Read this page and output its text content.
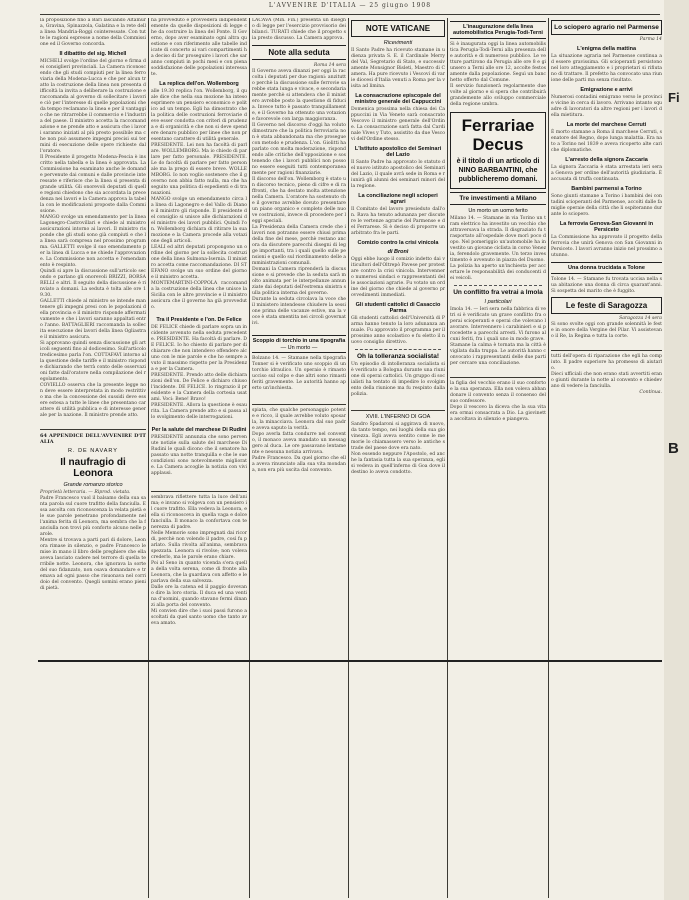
L'AVVENIRE D'ITALIA — 25 giugno 1908

la proposizione fino a Bari lasciando Altamura, Gravina, Spinazzola, Galatina e la rete della linea Mandria-Roggi cointeressate. Con tutte le ragioni espresse a nome della Commissione ed il Governo concorda.

Il dibattito del sig. Michell

MICHELI svolge l'ordine del giorno e firma dei consiglieri provinciali. La Camera riconoscendo che gli studi compiuti per la linea ferroviaria della Modena-Lucca e che per alcun tratto la costruzione della linea non presenta difficoltà la invita a deliberare la costruzione e raccomanda al governo di sollecitare i lavori e ciò per l'interesse di quelle popolazioni che da tempo reclamano la linea e per il vantaggio che ne ritrarrebbe il commercio e l'industria del paese. Il ministro accetta la raccomandazione e ne prende atto e assicura che i lavori saranno iniziati al più presto possibile ma che non può assumere impegni precisi sui termini di esecuzione delle opere richieste dall'oratore.

Il Presidente il progetto Modena-Pescia è inscritto nella tabella e la linea è approvata. La Commissione ha esaminato anche le domande pervenute dai comuni e dalle provincie interessate e riferisce che la linea si presenta di grande utilità. Gli onorevoli deputati di quelle regioni chiedono che sia accordata la precedenza nei lavori e la Camera approva la tabella con le modificazioni proposte dalla Commissione.

MANGO svolge un emendamento per la linea Lagonegro-Castrovillari e chiede al ministro assicurazioni intorno ai lavori. Il ministro risponde che gli studi sono già compiuti e che la linea sarà compresa nel prossimo programma. GALLETTI svolge il suo emendamento per la linea di Lucca e ne chiede l'approvazione. La Commissione non accetta e l'emendamento è respinto.

Quindi si apre la discussione sull'articolo secondo e parlano gli onorevoli BRIZZI, BORSARELLI e altri. Il seguito della discussione è rinviato a domani. La seduta è tolta alle ore 19.30.

GALLETTI chiede al ministro se intende mantenere gli impegni presi con le popolazioni della provincia e il ministro risponde affermativamente e che i lavori saranno appaltati entro l'anno. BATTAGLIERI raccomanda la sollecita esecuzione dei lavori della linea Ogliastra e il ministro assicura.

Si approvano quindi senza discussione gli articoli seguenti fino al dodicesimo. Sull'articolo tredicesimo parla l'on. COTTAFAVI intorno alla questione delle tariffe e il ministro risponde dichiarando che terrà conto delle osservazioni fatte dall'oratore nella compilazione del regolamento.

COVIELLO osserva che la presente legge non deve essere interpretata in modo restrittivo ma che la concessione dei sussidi deve essere estesa a tutte le linee che presentano carattere di utilità pubblica e di interesse generale per la nazione. Il ministro prende atto.

64 APPENDICE DELL'AVVENIRE D'ITALIA

R. DE NAVARY
Il naufragio di Leonora
Grande romanzo storico

Proprietà letteraria. — Riprod. vietata.

Padre Francesco vuol il balsamo della sua santa parola sul cuore trafitto della fanciulla. Essa ascolta con riconoscenza la velata pietà e le sue parole penetrano profondamente nell'anima ferita di Leonora, ma sembra che la fanciulla non trovi più conforto alcuno nelle parole.

Mentre si trovava a parti pari di dolore, Leonora rimase in silenzio, e padre Francesco le mise in mano il libro delle preghiere che ella aveva lasciato cadere nel terrore di quella terribile notte. Leonora, che ignorava la sorte del suo fidanzato, non osava domandare e tremava ad ogni passo che risuonava nel corridoio del convento. Quegli uomini erano pieni di pietà.

ha provveduto e provvederà indipendentemente da quelle disposizioni di legge che da costruire la linea del Ponte. Il Governo, dopo aver esaminato ogni altra questione e con riferimento alle tabelle indicate di concerto ai vari compartimenti ha deciso di far proseguire i lavori che saranno compiuti in pochi mesi e con piena soddisfazione delle popolazioni interessate.

La replica dell'on. Wollemborg

alle 19.30 replica l'on. Wollemborg, il quale dice che nella sua mozione ha inteso esprimere un pensiero economico e politico ad un tempo. Egli ha dimostrato che la politica delle costruzioni ferroviarie deve esser condotta con criteri di prudenza e di organicità e che non si deve spendere denaro pubblico per linee che non presentano carattere di utilità generale.

PRESIDENTE. Lei non ha facoltà di parlare. WOLLEMBORG. Ma io chiedo di parlare per fatto personale. PRESIDENTE. Le do facoltà di parlare per fatto personale ma la prego di essere breve. WOLLEMBORG. Io non voglio sostenere che il governo non abbia fatto nulla, ma che ha seguito una politica di espedienti e di transazioni.

MANGO svolge un emendamento circa la linea di Lagonegro e del Vallo di Diano e il ministro gli risponde. Il presidente del consiglio si unisce alle dichiarazioni del ministro dei lavori pubblici. Quindi l'on. Wollemborg dichiara di ritirare la sua mozione e la Camera procede alla votazione degli articoli.

LEALI ed altri deputati propongono un ordine del giorno per la sollecita costruzione della linea Sulmona-Isernia. Il ministro accetta come raccomandazione. DI STEFANO svolge un suo ordine del giorno e il ministro accetta.

MONTEMARTINI-COPPOLA raccomanda la costruzione della linea che unisce la Sicilia con le altre provincie e il ministro assicura che il governo ha già provveduto.

Tra il Presidente e l'on. De Felice

DE FELICE chiede di parlare sopra un incidente avvenuto nella seduta precedente. PRESIDENTE. Ha facoltà di parlare. DE FELICE. Io ho chiesto di parlare per dichiarare che non intendevo offendere alcuno con le mie parole e che ho sempre avuto il massimo rispetto per la Presidenza e per la Camera.

PRESIDENTE. Prendo atto delle dichiarazioni dell'on. De Felice e dichiaro chiuso l'incidente. DE FELICE. Io ringrazio il presidente e la Camera della cortesia usatami. Voci: Bene! Bravo!

PRESIDENTE. Allora la questione è esaurita. La Camera prende atto e si passa allo svolgimento delle interrogazioni.

Per la salute del marchese Di Rudinì

PRESIDENTE annunzia che sono pervenute notizie sulla salute del marchese Di Rudinì le quali dicono che il senatore ha passato una notte tranquilla e che le sue condizioni sono notevolmente migliorate. La Camera accoglie la notizia con vivi applausi.

sembrava riflettere tutta la luce dell'anima; e invano si volgeva con un pensiero il cuore trafitto. Ella vedeva la Leonora, e ella si riconosceva in quella vaga e dolce fanciulla. Il monaco la confortava con tenerezza di padre.

Nelle Memorie sono impregnati dai ricordi, perchè non volendo il padre, così fu parlato. Sulla rivolta all'anima, sembrava spezzata. Leonora si rivolse; non voleva crederlo, ma le parole erano chiare.

Poi al Seno in quanto vicenda s'era quella della volta serena, come di fronte alla Leonora, che la guardava con affetto e le parlava della sua salvezza.

Dalle ore la catena ed il paggio dovevano dire la loro storia. Il duca ed una ventina d'uomini, quando stavano fermi dinanzi alla porta del convento.

Mi convien dire che i suoi passi furono ascoltati da quel santo uomo che tanto aveva amato.

LACAVA (Min. Fin.) presenta un disegno di legge per l'esercizio provvisorio dei bilanci. TURATI chiede che il progetto sia presto discusso. La Camera approva.

Note alla seduta

Roma 14 sera

Il Governo aveva dinanzi per oggi la raccolta i deputati per due ragioni: anzitutto perchè la discussione sulle ferrovie sarebbe stata lunga e vivace, e secondariamente perchè si attendeva che il ministero avrebbe posto la questione di fiducia. Invece tutto è passato tranquillamente, e il Governo ha ottenuto una votazione favorevole con larga maggioranza.

Il Governo nel discorso d'oggi ha voluto dimostrare che la politica ferroviaria non è stata abbandonata ma che prosegue con metodo e prudenza. L'on. Giolitti ha parlato con molta moderazione, rispondendo alle critiche dell'opposizione e sostenendo che i lavori pubblici non possono essere eseguiti tutti contemporaneamente per ragioni finanziarie.

Il discorso dell'on. Wollemborg è stato un discorso tecnico, pieno di cifre e di raffronti, che ha destato molta attenzione nella Camera. L'oratore ha sostenuto che il governo avrebbe dovuto presentare un piano organico e completo delle nuove costruzioni, invece di procedere per leggi speciali.

La Presidenza della Camera crede che i lavori non potranno essere chiusi prima della fine del mese, perchè restano ancora da discutere parecchi disegni di legge importanti, tra i quali quello sulle pensioni e quello sul riordinamento delle amministrazioni comunali.

Domani la Camera riprenderà la discussione e si prevede che la seduta sarà molto animata per le interpellanze annunziate dai deputati dell'estrema sinistra sulla politica interna del governo.

Durante la seduta circolava la voce che il ministero intendesse chiudere la sessione prima delle vacanze estive, ma la voce è stata smentita nei circoli governativi.

Scoppio di torchio in una tipografia
— Un morto —

Bolzano 14. — Stamane nella tipografia Tonner si è verificato uno scoppio di un torchio idraulico. Un operaio è rimasto ucciso sul colpo e due altri sono rimasti feriti gravemente. Le autorità hanno aperto un'inchiesta.

spiata, che qualche personaggio potente e ricco, il quale avrebbe voluto sposarla, la minacciava. Leonora dal suo padre aveva saputo la verità.

Dopo averla fatta condurre nel convento, il monaco aveva mandato un messaggero al duca. Le ore passavano lentamente e nessuna notizia arrivava.

Padre Francesco. Da quel giorno che ella aveva rinunciato alla sua vita mondana, non era più uscita dal convento.

NOTE VATICANE
Ricevimenti

Il Santo Padre ha ricevuto stamane in udienza privata S. E. il Cardinale Merry del Val, Segretario di Stato, e successivamente Monsignor Bisleti, Maestro di Camera. Ha pure ricevuto i Vescovi di varie diocesi d'Italia venuti a Roma per la visita ad limina.

La consacrazione episcopale del ministro generale dei Cappuccini

Domenica prossima nella chiesa dei Cappuccini in Via Veneto sarà consacrato Vescovo il ministro generale dell'Ordine. La consacrazione sarà fatta dal Cardinale Vives y Tuto, assistito da due Vescovi dell'Ordine stesso.

L'Istituto apostolico dei Seminari del Lazio

Il Santo Padre ha approvato lo statuto del nuovo istituto apostolico dei Seminari del Lazio, il quale avrà sede in Roma e riunirà gli alunni dei seminari minori della regione.

La conciliazione negli scioperi agrari

Il Comitato del lavoro presieduto dall'on. Rava ha tenuto adunanza per discutere le vertenze agrarie del Parmense e del Ferrarese. Si è deciso di proporre un arbitrato fra le parti.

Comizio contro la crisi vinicola
di Bronì

Oggi ebbe luogo il comizio indetto dai viticultori dell'Oltrepò Pavese per protestare contro la crisi vinicola. Intervennero numerosi sindaci e rappresentanti delle associazioni agrarie. Fu votato un ordine del giorno che chiede al governo provvedimenti immediati.

Gli studenti cattolici di Casaccio Parma

Gli studenti cattolici dell'Università di Parma hanno tenuto la loro adunanza annuale. Fu approvato il programma per il prossimo anno scolastico e fu eletto il nuovo consiglio direttivo.

Oh la tolleranza socialista!

Un episodio di intolleranza socialista si è verificato a Bologna durante una riunione di operai cattolici. Un gruppo di socialisti ha tentato di impedire lo svolgimento della riunione ma fu respinto dalla polizia.

XVIII. L'INFERNO DI GOA

Sandro Spadaroni si aggirava di nuovo, da tanto tempo, nei luoghi della sua giovinezza. Egli aveva sentito come le memorie lo chiamassero verso le antiche strade del paese dove era nato.

Non essendo neppure l'Apostolo, ed anche la fantasia tutta la sua speranza, egli si vedeva in quell'inferno di Goa dove il destino lo aveva condotto.

L'inaugurazione della linea automobilistica Perugia-Todi-Terni

Si è inaugurata oggi la linea automobilistica Perugia-Todi-Terni alla presenza delle autorità e di numeroso pubblico. Le vetture partirono da Perugia alle ore 8 e giunsero a Terni alle ore 12, accolte festosamente dalla popolazione. Seguì un banchetto offerto dal Comune.

Il servizio funzionerà regolarmente due volte al giorno e si spera che contribuirà grandemente allo sviluppo commerciale della regione umbra.

Ferrariae Decus
è il titolo di un articolo di NINO BARBANTINI, che pubblicheremo domani.
Tre investimenti a Milano
Un morto un uomo ferito

Milano 14. — Stamane in via Torino un tram elettrico ha investito un vecchio che attraversava la strada. Il disgraziato fu trasportato all'ospedale dove morì poco dopo. Nel pomeriggio un'automobile ha investito un giovane ciclista in corso Venezia, ferendolo gravemente. Un terzo investimento è avvenuto in piazza del Duomo.

La polizia ha aperto un'inchiesta per accertare le responsabilità dei conducenti dei veicoli.

Un conflitto fra vetrai a Imola
I particolari

Imola 14. — Ieri sera nella fabbrica di vetri si è verificato un grave conflitto fra operai scioperanti e operai che volevano lavorare. Intervennero i carabinieri e si procedette a parecchi arresti. Vi furono alcuni feriti, fra i quali uno in modo grave.

Stamane la calma è tornata ma la città è vigilata dalla truppa. Le autorità hanno convocato i rappresentanti delle due parti per cercare una conciliazione.

la figlia del vecchio erano il suo conforto e la sua speranza. Ella non voleva abbandonare il convento senza il consenso del suo confessore.

Dopo il vescovo la diceva che la sua vita era ormai consacrata a Dio. La giovinetta ascoltava in silenzio e piangeva.

Lo sciopero agrario nel Parmense

Parma 14

L'enigma della mattina

La situazione agraria nel Parmense continua ad essere gravissima. Gli scioperanti persistono nel loro atteggiamento e i proprietari si rifiutano di trattare. Il prefetto ha convocato una riunione delle parti ma senza risultato.

Emigrazione e arrivi

Numerosi contadini emigrano verso le provincie vicine in cerca di lavoro. Arrivano intanto squadre di lavoratori da altre regioni per i lavori della mietitura.

La morte del marchese Cerruti

È morto stamane a Roma il marchese Cerruti, senatore del Regno, dopo lunga malattia. Era nato a Torino nel 1839 e aveva ricoperto alte cariche diplomatiche.

L'arresto della signora Zaccaria

La signora Zaccaria è stata arrestata ieri sera a Genova per ordine dell'autorità giudiziaria. È accusata di truffa continuata.

Bambini parmensi a Torino

Sono giunti stamane a Torino i bambini dei contadini scioperanti del Parmense, accolti dalle famiglie operaie della città che li ospiteranno durante lo sciopero.

La ferrovia Genova-San Giovanni in Persiceto

La Commissione ha approvato il progetto della ferrovia che unirà Genova con San Giovanni in Persiceto. I lavori avranno inizio nel prossimo autunno.

Una donna trucidata a Tolone

Tolone 14. — Stamane fu trovata uccisa nella sua abitazione una donna di circa quarant'anni. Si sospetta del marito che è fuggito.

Le feste di Saragozza

Saragozza 14 sera

Si sono svolte oggi con grande solennità le feste in onore della Vergine del Pilar. Vi assistevano il Re, la Regina e tutta la corte.

tutti dell'opera di riparazione che egli ha compiuto. Il padre superiore ha promesso di aiutarlo.

Dieci ufficiali che non erano stati avvertiti erano giunti durante la notte al convento e chiedevano di vedere la fanciulla.

Continua.

Fi
B
